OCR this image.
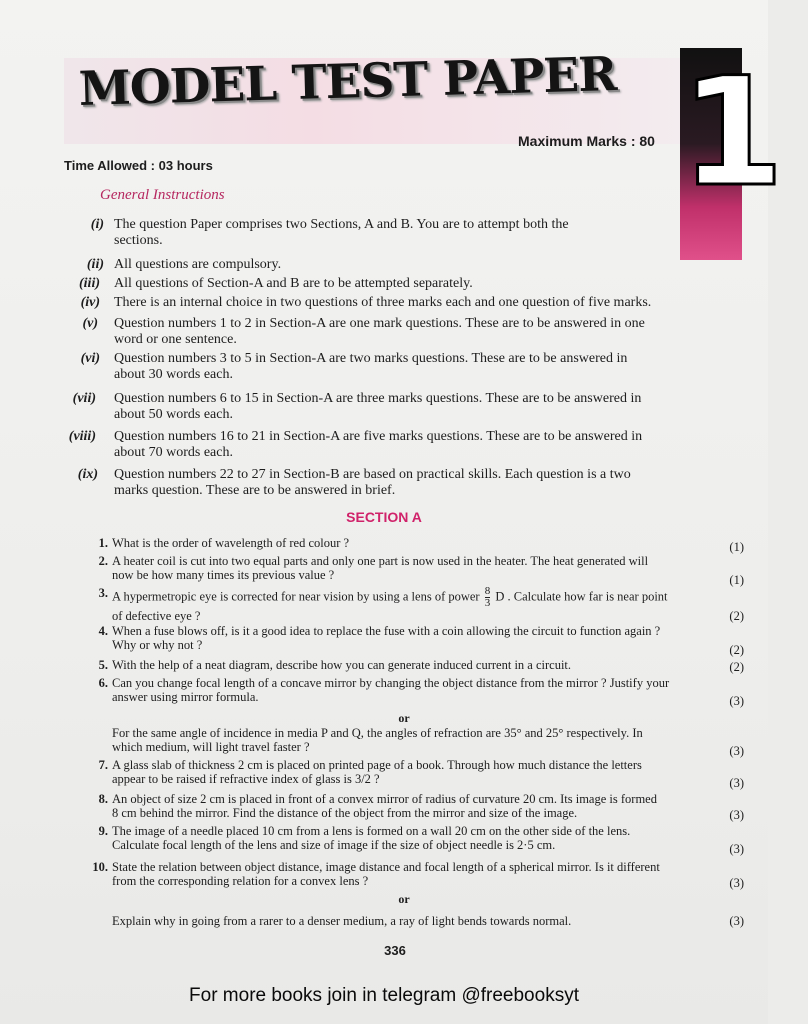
MODEL TEST PAPER 1
Maximum Marks : 80
Time Allowed : 03 hours
General Instructions
(i) The question Paper comprises two Sections, A and B. You are to attempt both the
sections.
(ii) All questions are compulsory.
(iii) All questions of Section-A and B are to be attempted separately.
(iv) There is an internal choice in two questions of three marks each and one question of five marks.
(v) Question numbers 1 to 2 in Section-A are one mark questions. These are to be answered in one
word or one sentence.
(vi) Question numbers 3 to 5 in Section-A are two marks questions. These are to be answered in
about 30 words each.
(vii) Question numbers 6 to 15 in Section-A are three marks questions. These are to be answered in
about 50 words each.
(viii) Question numbers 16 to 21 in Section-A are five marks questions. These are to be answered in
about 70 words each.
(ix) Question numbers 22 to 27 in Section-B are based on practical skills. Each question is a two
marks question. These are to be answered in brief.
SECTION A
1. What is the order of wavelength of red colour ?	(1)
2. A heater coil is cut into two equal parts and only one part is now used in the heater. The heat generated will
now be how many times its previous value ?	(1)
3. A hypermetropic eye is corrected for near vision by using a lens of power $\frac{8}{3}$ D . Calculate how far is near point
of defective eye ?	(2)
4. When a fuse blows off, is it a good idea to replace the fuse with a coin allowing the circuit to function again ?
Why or why not ?	(2)
5. With the help of a neat diagram, describe how you can generate induced current in a circuit.	(2)
6. Can you change focal length of a concave mirror by changing the object distance from the mirror ? Justify your
answer using mirror formula.	(3)
or
For the same angle of incidence in media P and Q, the angles of refraction are 35° and 25° respectively. In
which medium, will light travel faster ?	(3)
7. A glass slab of thickness 2 cm is placed on printed page of a book. Through how much distance the letters
appear to be raised if refractive index of glass is 3/2 ?	(3)
8. An object of size 2 cm is placed in front of a convex mirror of radius of curvature 20 cm. Its image is formed
8 cm behind the mirror. Find the distance of the object from the mirror and size of the image.	(3)
9. The image of a needle placed 10 cm from a lens is formed on a wall 20 cm on the other side of the lens.
Calculate focal length of the lens and size of image if the size of object needle is 2·5 cm.	(3)
10. State the relation between object distance, image distance and focal length of a spherical mirror. Is it different
from the corresponding relation for a convex lens ?	(3)
or
Explain why in going from a rarer to a denser medium, a ray of light bends towards normal.	(3)
336
For more books join in telegram @freebooksyt
